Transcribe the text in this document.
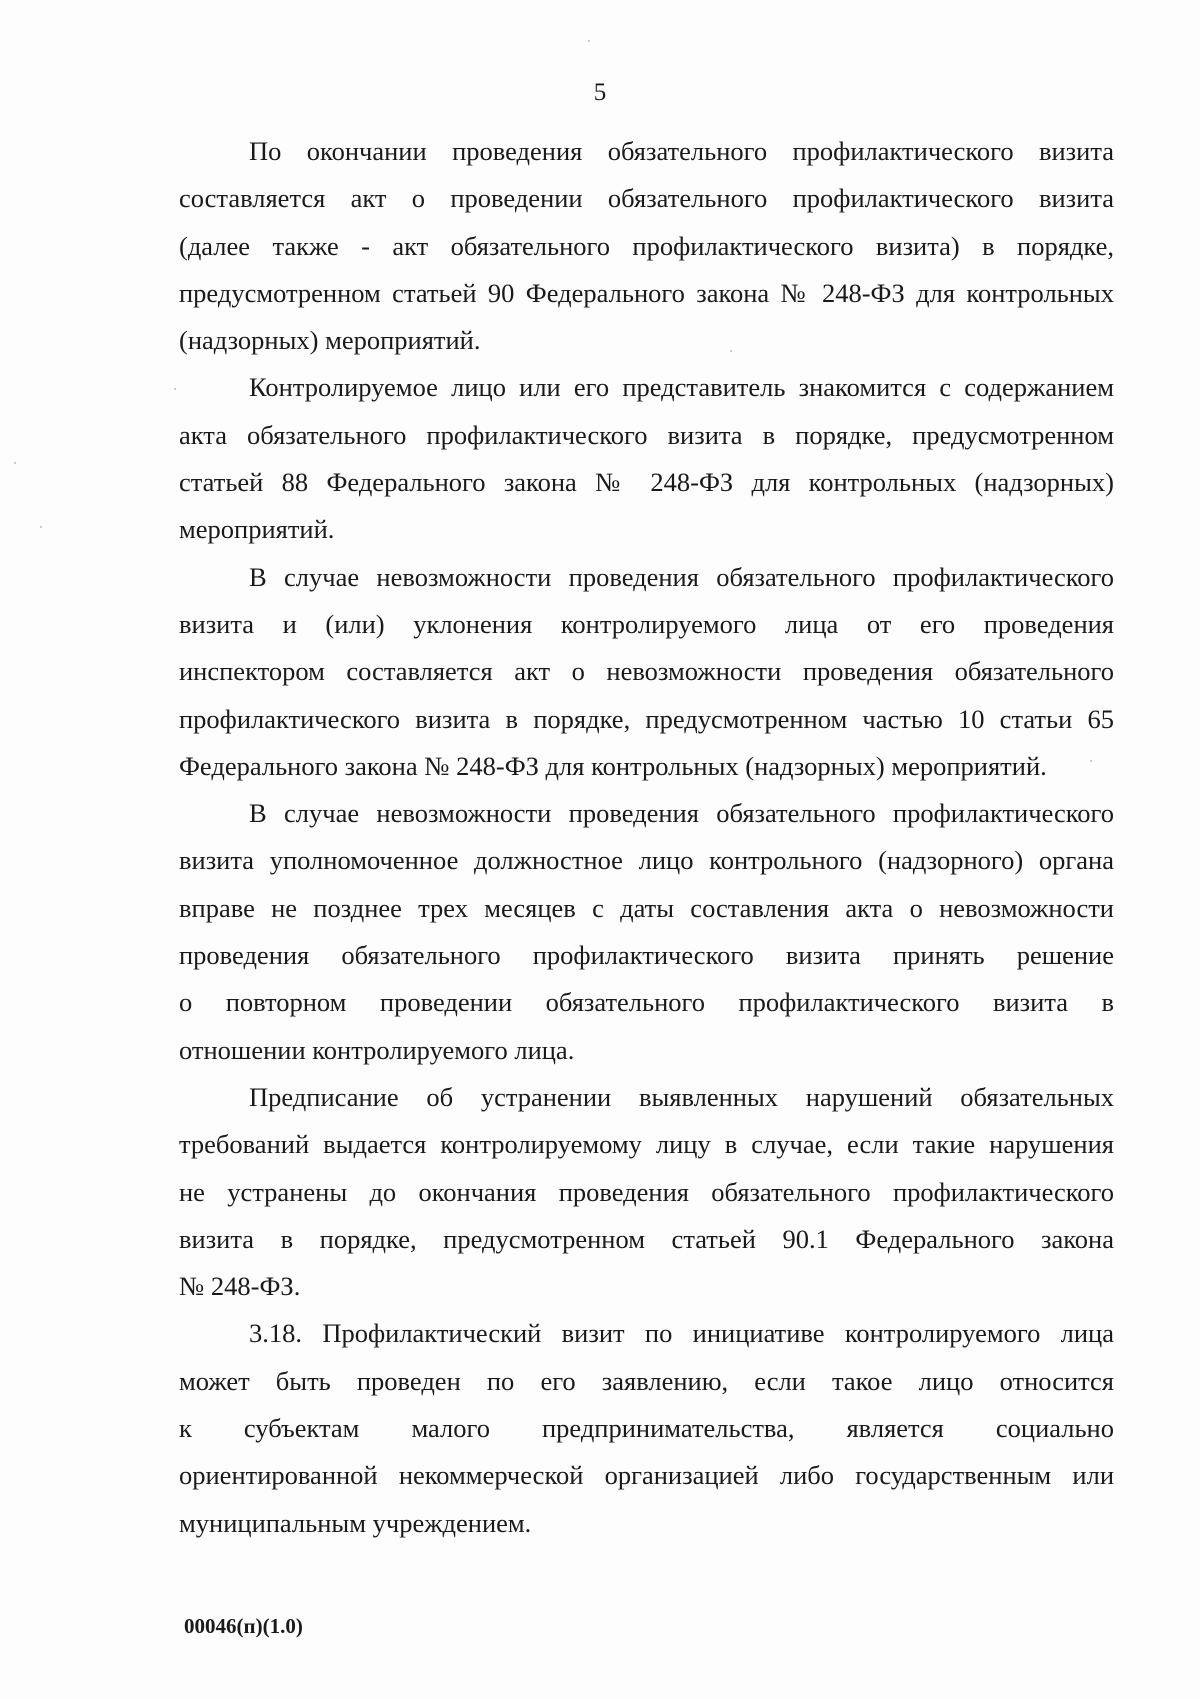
5
По окончании проведения обязательного профилактического визита
составляется акт о проведении обязательного профилактического визита
(далее также - акт обязательного профилактического визита) в порядке,
предусмотренном статьей 90 Федерального закона № 248-ФЗ для контрольных
(надзорных) мероприятий.
Контролируемое лицо или его представитель знакомится с содержанием
акта обязательного профилактического визита в порядке, предусмотренном
статьей 88 Федерального закона № 248-ФЗ для контрольных (надзорных)
мероприятий.
В случае невозможности проведения обязательного профилактического
визита и (или) уклонения контролируемого лица от его проведения
инспектором составляется акт о невозможности проведения обязательного
профилактического визита в порядке, предусмотренном частью 10 статьи 65
Федерального закона № 248-ФЗ для контрольных (надзорных) мероприятий.
В случае невозможности проведения обязательного профилактического
визита уполномоченное должностное лицо контрольного (надзорного) органа
вправе не позднее трех месяцев с даты составления акта о невозможности
проведения обязательного профилактического визита принять решение
о повторном проведении обязательного профилактического визита в
отношении контролируемого лица.
Предписание об устранении выявленных нарушений обязательных
требований выдается контролируемому лицу в случае, если такие нарушения
не устранены до окончания проведения обязательного профилактического
визита в порядке, предусмотренном статьей 90.1 Федерального закона
№ 248-ФЗ.
3.18. Профилактический визит по инициативе контролируемого лица
может быть проведен по его заявлению, если такое лицо относится
к субъектам малого предпринимательства, является социально
ориентированной некоммерческой организацией либо государственным или
муниципальным учреждением.
00046(п)(1.0)
